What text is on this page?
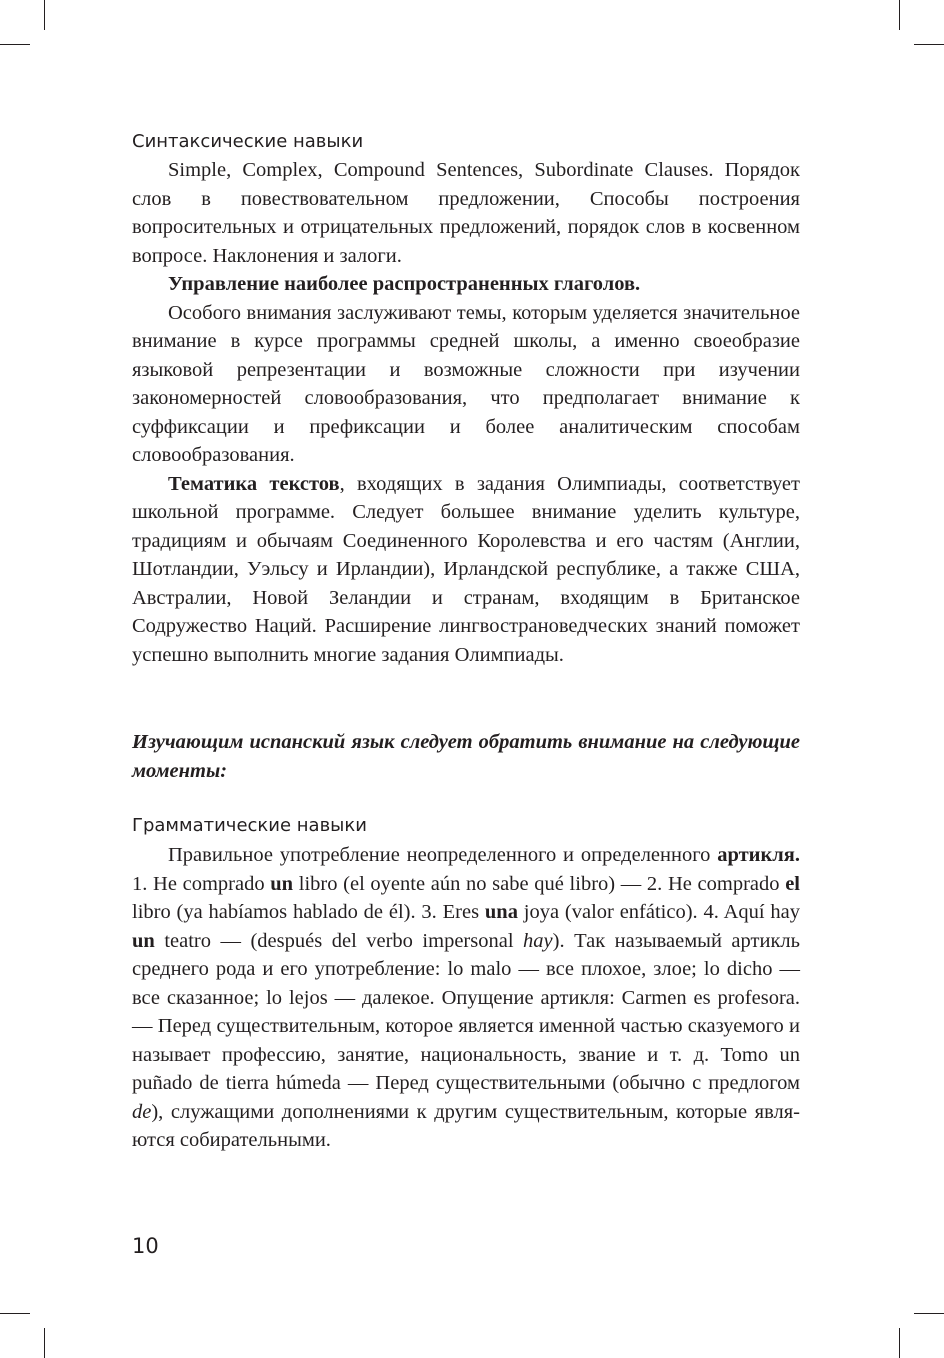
Синтаксические навыки

Simple, Complex, Compound Sentences, Subordinate Clauses. Порядок слов в повествовательном предложении, Способы построения вопросительных и отрицательных предложений, порядок слов в косвенном вопросе. Наклонения и залоги.

Управление наиболее распространенных глаголов.

Особого внимания заслуживают темы, которым уделяется значительное внимание в курсе программы средней школы, а именно своеобразие языковой репрезентации и возможные сложности при изучении закономерностей словообразования, что предполагает внимание к суффиксации и префиксации и более аналитическим способам словообразования.

Тематика текстов, входящих в задания Олимпиады, соответствует школьной программе. Следует большее внимание уделить культуре, традициям и обычаям Соединенного Королевства и его частям (Англии, Шотландии, Уэльсу и Ирландии), Ирландской республике, а также США, Австралии, Новой Зеландии и странам, входящим в Британское Содружество Наций. Расширение лингвострановедческих знаний поможет успешно выполнить многие задания Олимпиады.

Изучающим испанский язык следует обратить внимание на следующие моменты:

Грамматические навыки

Правильное употребление неопределенного и определенного артикля. 1. He comprado un libro (el oyente aún no sabe qué libro) — 2. He comprado el libro (ya habíamos hablado de él). 3. Eres una joya (valor enfático). 4. Aquí hay un teatro — (después del verbo impersonal hay). Так называемый артикль среднего рода и его употребление: lo malo — все плохое, злое; lo dicho — все сказанное; lo lejos — далекое. Опущение артикля: Carmen es profesora. — Перед существительным, которое является именной частью сказуемого и называет профессию, занятие, национальность, звание и т. д. Tomo un puñado de tierra húmeda — Перед существительными (обычно с предлогом de), служащими дополнениями к другим существительным, которые являются собирательными.

10
